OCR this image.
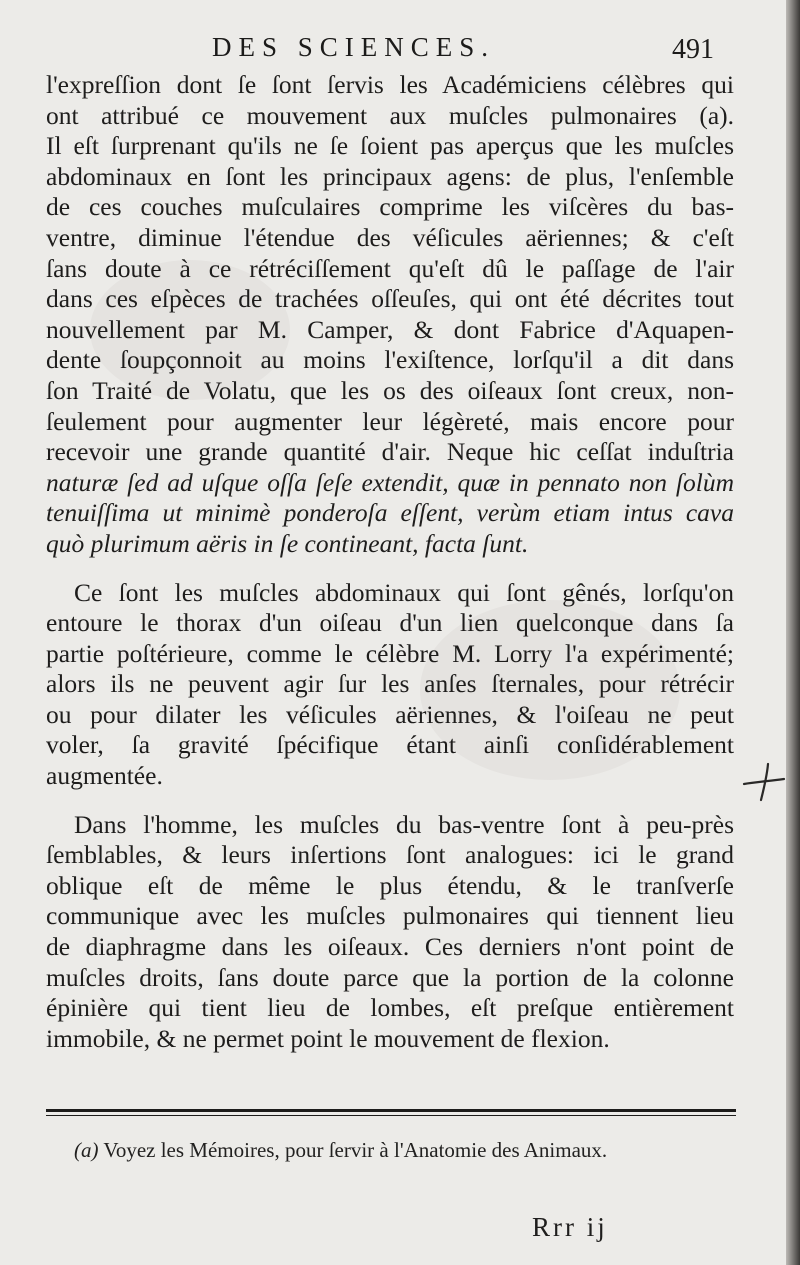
DES SCIENCES.	491
l'expreſſion dont ſe ſont ſervis les Académiciens célèbres qui
ont attribué ce mouvement aux muſcles pulmonaires (a).
Il eſt ſurprenant qu'ils ne ſe ſoient pas aperçus que les muſcles
abdominaux en ſont les principaux agens: de plus, l'enſemble
de ces couches muſculaires comprime les viſcères du bas-
ventre, diminue l'étendue des véſicules aëriennes; & c'eſt
ſans doute à ce rétréciſſement qu'eſt dû le paſſage de l'air
dans ces eſpèces de trachées oſſeuſes, qui ont été décrites tout
nouvellement par M. Camper, & dont Fabrice d'Aquapen-
dente ſoupçonnoit au moins l'exiſtence, lorſqu'il a dit dans
ſon Traité de Volatu, que les os des oiſeaux ſont creux, non-
ſeulement pour augmenter leur légèreté, mais encore pour
recevoir une grande quantité d'air. Neque hic ceſſat induſtria
naturæ ſed ad uſque oſſa ſeſe extendit, quæ in pennato non ſolùm
tenuiſſima ut minimè ponderoſa eſſent, verùm etiam intus cava
quò plurimum aëris in ſe contineant, facta ſunt.
Ce ſont les muſcles abdominaux qui ſont gênés, lorſqu'on
entoure le thorax d'un oiſeau d'un lien quelconque dans ſa
partie poſtérieure, comme le célèbre M. Lorry l'a expérimenté;
alors ils ne peuvent agir ſur les anſes ſternales, pour rétrécir
ou pour dilater les véſicules aëriennes, & l'oiſeau ne peut
voler, ſa gravité ſpécifique étant ainſi conſidérablement
augmentée.
Dans l'homme, les muſcles du bas-ventre ſont à peu-près
ſemblables, & leurs inſertions ſont analogues: ici le grand
oblique eſt de même le plus étendu, & le tranſverſe
communique avec les muſcles pulmonaires qui tiennent lieu
de diaphragme dans les oiſeaux. Ces derniers n'ont point de
muſcles droits, ſans doute parce que la portion de la colonne
épinière qui tient lieu de lombes, eſt preſque entièrement
immobile, & ne permet point le mouvement de flexion.
(a) Voyez les Mémoires, pour ſervir à l'Anatomie des Animaux.
Rrr ij
